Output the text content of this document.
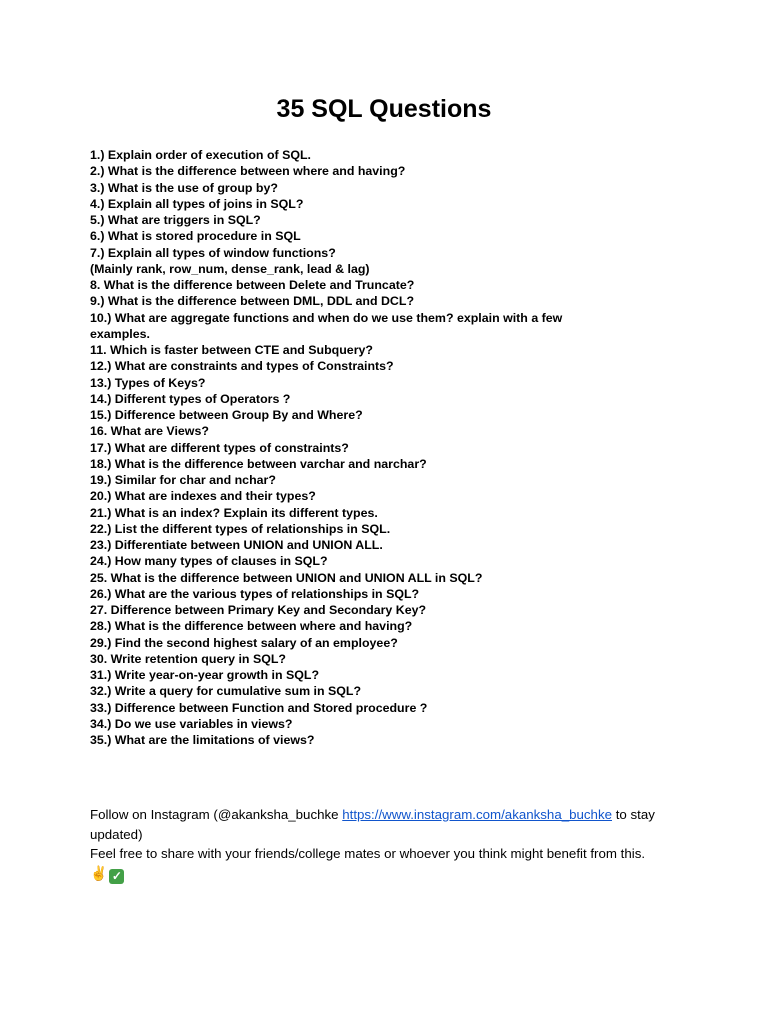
35 SQL Questions
1.) Explain order of execution of SQL.
2.) What is the difference between where and having?
3.) What is the use of group by?
4.) Explain all types of joins in SQL?
5.) What are triggers in SQL?
6.) What is stored procedure in SQL
7.) Explain all types of window functions?
(Mainly rank, row_num, dense_rank, lead & lag)
8. What is the difference between Delete and Truncate?
9.) What is the difference between DML, DDL and DCL?
10.) What are aggregate functions and when do we use them? explain with a few examples.
11. Which is faster between CTE and Subquery?
12.) What are constraints and types of Constraints?
13.) Types of Keys?
14.) Different types of Operators ?
15.) Difference between Group By and Where?
16. What are Views?
17.) What are different types of constraints?
18.) What is the difference between varchar and narchar?
19.) Similar for char and nchar?
20.) What are indexes and their types?
21.) What is an index? Explain its different types.
22.) List the different types of relationships in SQL.
23.) Differentiate between UNION and UNION ALL.
24.) How many types of clauses in SQL?
25. What is the difference between UNION and UNION ALL in SQL?
26.) What are the various types of relationships in SQL?
27. Difference between Primary Key and Secondary Key?
28.) What is the difference between where and having?
29.) Find the second highest salary of an employee?
30. Write retention query in SQL?
31.) Write year-on-year growth in SQL?
32.) Write a query for cumulative sum in SQL?
33.) Difference between Function and Stored procedure ?
34.) Do we use variables in views?
35.) What are the limitations of views?

Follow on Instagram (@akanksha_buchke https://www.instagram.com/akanksha_buchke to stay updated)

Feel free to share with your friends/college mates or whoever you think might benefit from this.

✌ ✓
